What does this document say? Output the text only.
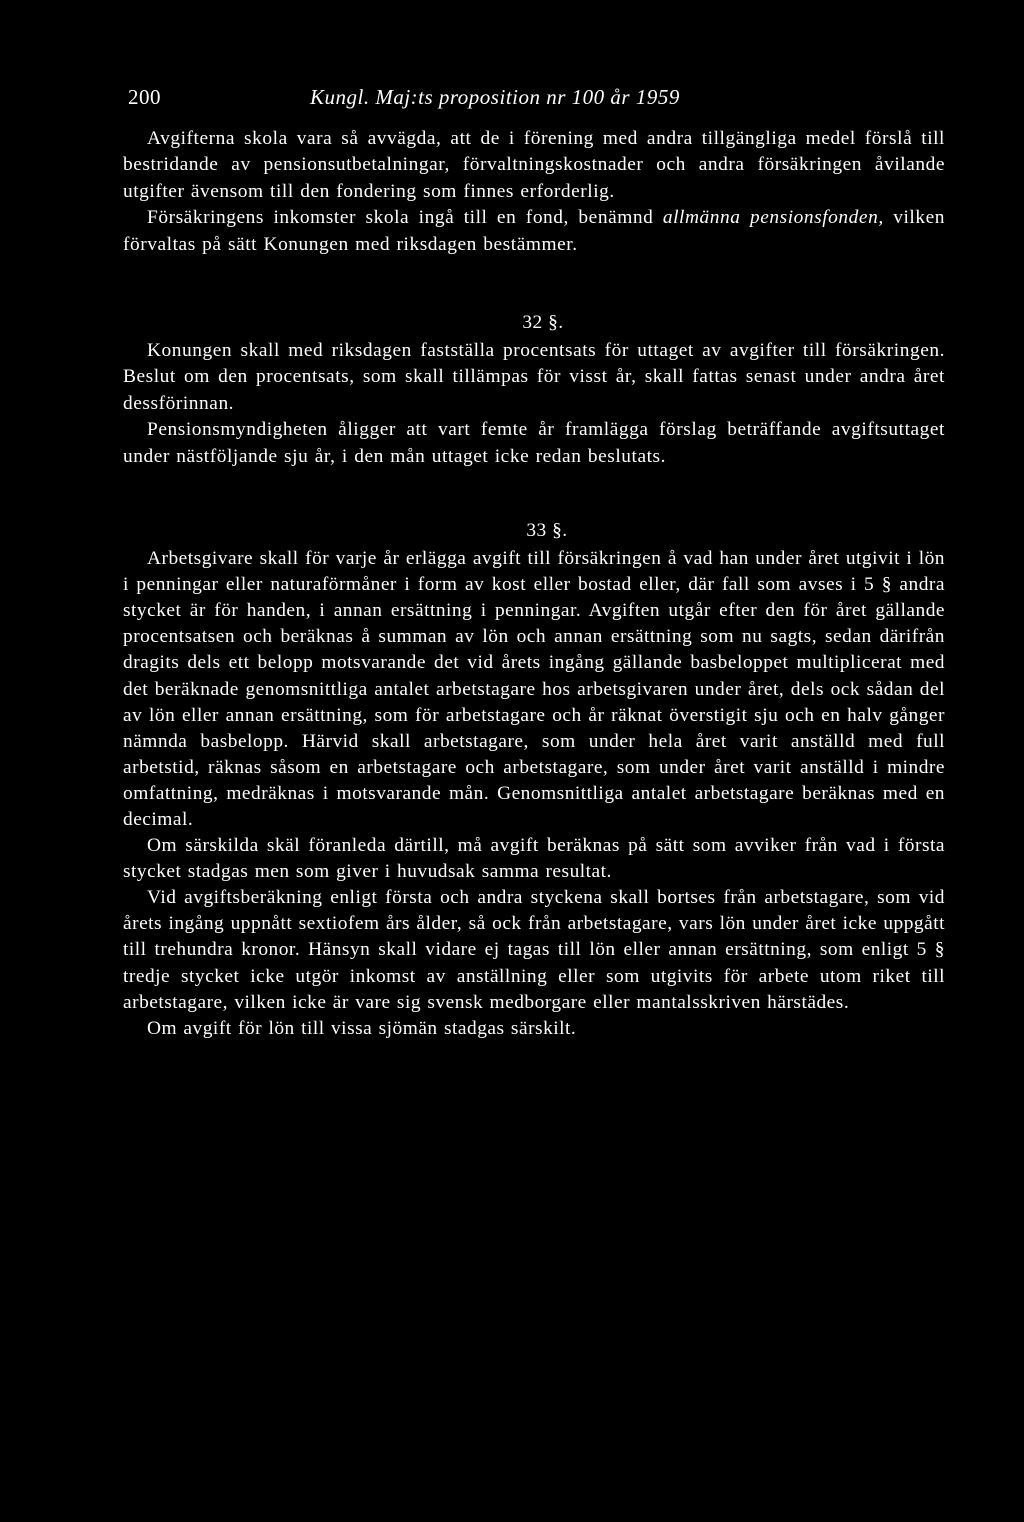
200	Kungl. Maj:ts proposition nr 100 år 1959

Avgifterna skola vara så avvägda, att de i förening med andra tillgängliga medel förslå till bestridande av pensionsutbetalningar, förvaltningskostnader och andra försäkringen åvilande utgifter ävensom till den fondering som finnes erforderlig.

Försäkringens inkomster skola ingå till en fond, benämnd allmänna pensionsfonden, vilken förvaltas på sätt Konungen med riksdagen bestämmer.

32 §.

Konungen skall med riksdagen fastställa procentsats för uttaget av avgifter till försäkringen. Beslut om den procentsats, som skall tillämpas för visst år, skall fattas senast under andra året dessförinnan.

Pensionsmyndigheten åligger att vart femte år framlägga förslag beträffande avgiftsuttaget under nästföljande sju år, i den mån uttaget icke redan beslutats.

33 §.

Arbetsgivare skall för varje år erlägga avgift till försäkringen å vad han under året utgivit i lön i penningar eller naturaförmåner i form av kost eller bostad eller, där fall som avses i 5 § andra stycket är för handen, i annan ersättning i penningar. Avgiften utgår efter den för året gällande procentsatsen och beräknas å summan av lön och annan ersättning som nu sagts, sedan därifrån dragits dels ett belopp motsvarande det vid årets ingång gällande basbeloppet multiplicerat med det beräknade genomsnittliga antalet arbetstagare hos arbetsgivaren under året, dels ock sådan del av lön eller annan ersättning, som för arbetstagare och år räknat överstigit sju och en halv gånger nämnda basbelopp. Härvid skall arbetstagare, som under hela året varit anställd med full arbetstid, räknas såsom en arbetstagare och arbetstagare, som under året varit anställd i mindre omfattning, medräknas i motsvarande mån. Genomsnittliga antalet arbetstagare beräknas med en decimal.

Om särskilda skäl föranleda därtill, må avgift beräknas på sätt som avviker från vad i första stycket stadgas men som giver i huvudsak samma resultat.

Vid avgiftsberäkning enligt första och andra styckena skall bortses från arbetstagare, som vid årets ingång uppnått sextiofem års ålder, så ock från arbetstagare, vars lön under året icke uppgått till trehundra kronor. Hänsyn skall vidare ej tagas till lön eller annan ersättning, som enligt 5 § tredje stycket icke utgör inkomst av anställning eller som utgivits för arbete utom riket till arbetstagare, vilken icke är vare sig svensk medborgare eller mantalsskriven härstädes.

Om avgift för lön till vissa sjömän stadgas särskilt.
